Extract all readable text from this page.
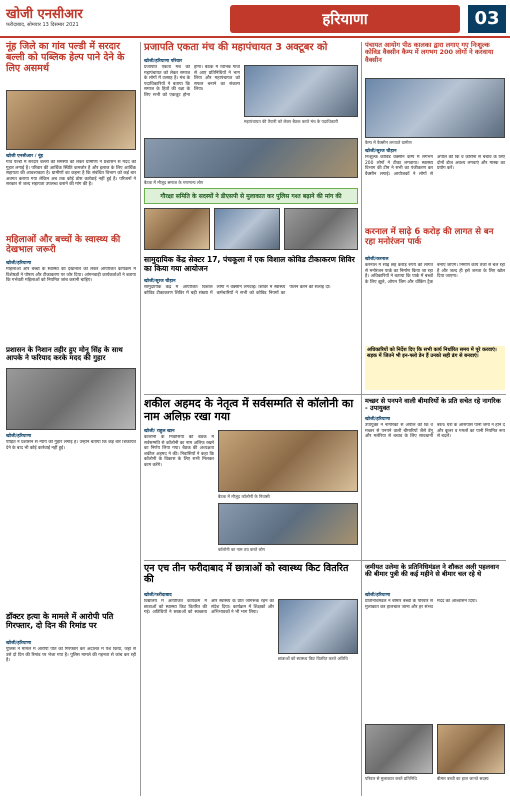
खोजी एनसीआर
फरीदाबाद, सोमवार 13 दिसम्बर 2021	हरियाणा	03
नूंह जिले का गांव पल्डी में सरदार बल्ली को पब्लिक हेल्प पाने देने के लिए असमर्थ
खोजी एनसीआर / नूंह
गांव पल्डी में सरदार बल्ली की समस्या को लेकर ग्रामीणों ने प्रशासन से मदद की गुहार लगाई है। परिवार की आर्थिक स्थिति कमजोर है और इलाज के लिए आर्थिक सहायता की आवश्यकता है। ग्रामीणों का कहना है कि संबंधित विभाग को कई बार अवगत कराया गया लेकिन अब तक कोई ठोस कार्रवाई नहीं हुई है। परिजनों ने सरकार से जल्द सहायता उपलब्ध कराने की मांग की है।
महिलाओं और बच्चों के स्वास्थ्य की देखभाल जरूरी
खोजी/हरियाणा
महिलाओं और बच्चों के स्वास्थ्य की देखभाल को लेकर आयोजित कार्यक्रम में विशेषज्ञों ने पोषण और टीकाकरण पर जोर दिया। आंगनवाड़ी कार्यकर्ताओं ने बताया कि गर्भवती महिलाओं को नियमित जांच करानी चाहिए।
प्रशासन के निशान तहीर हुए मोनू सिंह के साथ आपके ने फरियाद करके मदद की गुहार
खोजी/हरियाणा
पीड़ित ने प्रशासन से न्याय की गुहार लगाई है। उन्होंने बताया कि कई बार शिकायत देने के बाद भी कोई कार्रवाई नहीं हुई।
डॉक्टर हत्या के मामले में आरोपी पति गिरफ्तार, दो दिन की रिमांड पर
खोजी/हरियाणा
पुलिस ने मामले में आरोपी पति को गिरफ्तार कर अदालत में पेश किया, जहां से उसे दो दिन की रिमांड पर भेजा गया है। पुलिस मामले की गहनता से जांच कर रही है।
प्रजापति एकता मंच की महापंचायत 3 अक्टूबर को
खोजी/हरियाणा परिवार
प्रजापति एकता मंच की महापंचायत को लेकर समाज के लोगों में उत्साह है। मंच के पदाधिकारियों ने बताया कि समाज के हितों की रक्षा के लिए सभी को एकजुट होना होगा। बैठक में विभिन्न गांवों से आए प्रतिनिधियों ने भाग लिया और महापंचायत को सफल बनाने का संकल्प लिया।
महापंचायत की तैयारी को लेकर बैठक करते मंच के पदाधिकारी
बैठक में मौजूद समाज के गणमान्य लोग
गौरक्षा समिति के सदस्यों ने डीएसपी से मुलाकात कर पुलिस गश्त बढ़ाने की मांग की
सामुदायिक केंद्र सेक्टर 17, पंचकूला में एक विशाल कोविड टीकाकरण शिविर का किया गया आयोजन
खोजी/सूरज चौहान
सामुदायिक केंद्र में आयोजित विशाल कोविड टीकाकरण शिविर में बड़ी संख्या में लोगों ने वैक्सीन लगवाई। शिविर में स्वास्थ्य कर्मचारियों ने सभी को कोविड नियमों का पालन करने की सलाह दी।
पंचायत आयोग पीठ कालका द्वारा लगाए गए निःशुल्क कोविड वैक्सीन कैम्प में लगभग 200 लोगों ने करवाया वैक्सीन
कैम्प में वैक्सीन लगवाते ग्रामीण
खोजी/सूरज चौहान
निःशुल्क कोविड वैक्सीन कैम्प में लगभग 200 लोगों ने टीका लगवाया। स्वास्थ्य विभाग की टीम ने सभी का पंजीकरण कर वैक्सीन लगाई। आयोजकों ने लोगों से अपील की कि वे कोरोना से बचाव के लिए दोनों डोज अवश्य लगवाएं और मास्क का प्रयोग करें।
करनाल में साढ़े 6 करोड़ की लागत से बन रहा मनोरंजन पार्क
खोजी/करनाल
करनाल में साढ़े छह करोड़ रुपये की लागत से मनोरंजन पार्क का निर्माण किया जा रहा है। अधिकारियों ने बताया कि पार्क में बच्चों के लिए झूले, ओपन जिम और वॉकिंग ट्रैक बनाए जाएंगे। निर्माण कार्य तेजी से चल रहा है और जल्द ही इसे जनता के लिए खोल दिया जाएगा।
अधिकारियों को निर्देश दिए कि सभी कार्य निर्धारित समय में पूरे करवाएं। सड़क में जितने भी इन-फ्लो डेन हैं उनको सही ढंग से बनवाएं।
शकील अहमद के नेतृत्व में सर्वसम्मति से कॉलोनी का नाम अलिफ़ रखा गया
खोजी/ राहुल खान
कॉलोनी के निवासियों की बैठक में सर्वसम्मति से कॉलोनी का नाम अलिफ़ रखने का निर्णय लिया गया। बैठक की अध्यक्षता शकील अहमद ने की। निवासियों ने कहा कि कॉलोनी के विकास के लिए सभी मिलकर काम करेंगे।
बैठक में मौजूद कॉलोनी के निवासी
कॉलोनी का नाम तय करते लोग
मच्छर से पनपने वाली बीमारियों के प्रति सचेत रहे नागरिक - उपायुक्त
खोजी/हरियाणा
उपायुक्त ने नागरिकों से अपील की कि वे मच्छर से पनपने वाली बीमारियों जैसे डेंगू और मलेरिया से बचाव के लिए सावधानी बरतें। घरों के आसपास पानी जमा न होने दें और कूलर व गमलों का पानी नियमित रूप से बदलें।
एन एच तीन फरीदाबाद में छात्राओं को स्वास्थ्य किट वितरित की
खोजी/फरीदाबाद
विद्यालय में आयोजित कार्यक्रम में छात्राओं को स्वास्थ्य किट वितरित की गई। अतिथियों ने छात्राओं को स्वच्छता और स्वास्थ्य के प्रति जागरूक रहने का संदेश दिया। कार्यक्रम में शिक्षकों और अभिभावकों ने भी भाग लिया।
छात्राओं को स्वास्थ्य किट वितरित करते अतिथि
जमीयत उलेमा के प्रतिनिधिमंडल ने शौकत अली पहलवान की बीमार पुत्री की कई महीने से बीमार चल रहे थे
खोजी/हरियाणा
प्रतिनिधिमंडल ने बीमार बच्ची के परिवार से मुलाकात कर हालचाल जाना और हर संभव मदद का आश्वासन दिया।
परिवार से मुलाकात करते प्रतिनिधि	बीमार बच्ची का हाल जानते सदस्य
